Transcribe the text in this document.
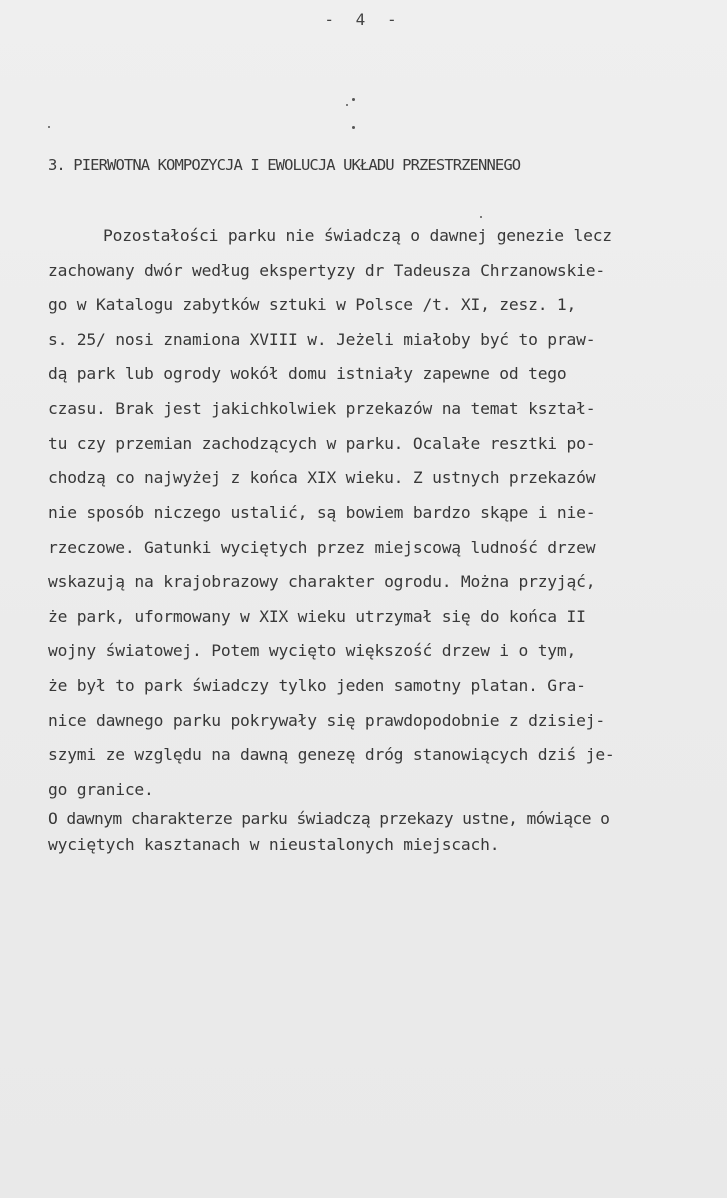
- 4 -
3. PIERWOTNA KOMPOZYCJA I EWOLUCJA UKŁADU PRZESTRZENNEGO
Pozostałości parku nie świadczą o dawnej genezie lecz
zachowany dwór według ekspertyzy dr Tadeusza Chrzanowskie-
go w Katalogu zabytków sztuki w Polsce /t. XI, zesz. 1,
s. 25/ nosi znamiona XVIII w. Jeżeli miałoby być to praw-
dą park lub ogrody wokół domu istniały zapewne od tego
czasu. Brak jest jakichkolwiek przekazów na temat kształ-
tu czy przemian zachodzących w parku. Ocalałe resztki po-
chodzą co najwyżej z końca XIX wieku. Z ustnych przekazów
nie sposób niczego ustalić, są bowiem bardzo skąpe i nie-
rzeczowe. Gatunki wyciętych przez miejscową ludność drzew
wskazują na krajobrazowy charakter ogrodu. Można przyjąć,
że park, uformowany w XIX wieku utrzymał się do końca II
wojny światowej. Potem wycięto większość drzew i o tym,
że był to park świadczy tylko jeden samotny platan. Gra-
nice dawnego parku pokrywały się prawdopodobnie z dzisiej-
szymi ze względu na dawną genezę dróg stanowiących dziś je-
go granice.
O dawnym charakterze parku świadczą przekazy ustne, mówiące o
wyciętych kasztanach w nieustalonych miejscach.
